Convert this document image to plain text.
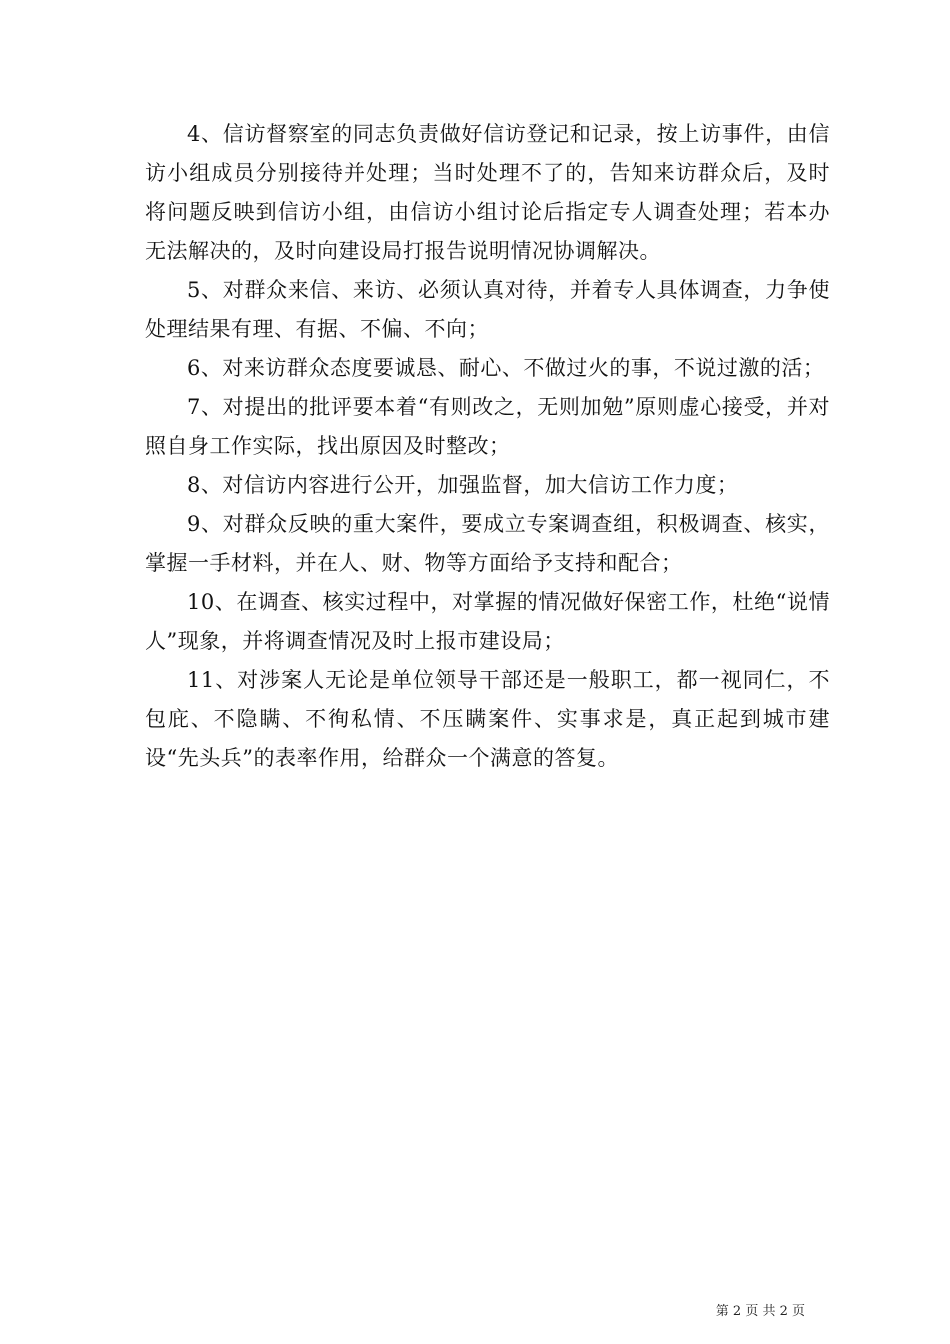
4、信访督察室的同志负责做好信访登记和记录，按上访事件，由信访小组成员分别接待并处理；当时处理不了的，告知来访群众后，及时将问题反映到信访小组，由信访小组讨论后指定专人调查处理；若本办无法解决的，及时向建设局打报告说明情况协调解决。

5、对群众来信、来访、必须认真对待，并着专人具体调查，力争使处理结果有理、有据、不偏、不向；

6、对来访群众态度要诚恳、耐心、不做过火的事，不说过激的活；

7、对提出的批评要本着“有则改之，无则加勉”原则虚心接受，并对照自身工作实际，找出原因及时整改；

8、对信访内容进行公开，加强监督，加大信访工作力度；

9、对群众反映的重大案件，要成立专案调查组，积极调查、核实，掌握一手材料，并在人、财、物等方面给予支持和配合；

10、在调查、核实过程中，对掌握的情况做好保密工作，杜绝“说情人”现象，并将调查情况及时上报市建设局；

11、对涉案人无论是单位领导干部还是一般职工，都一视同仁，不包庇、不隐瞒、不徇私情、不压瞒案件、实事求是，真正起到城市建设“先头兵”的表率作用，给群众一个满意的答复。

第 2 页 共 2 页
